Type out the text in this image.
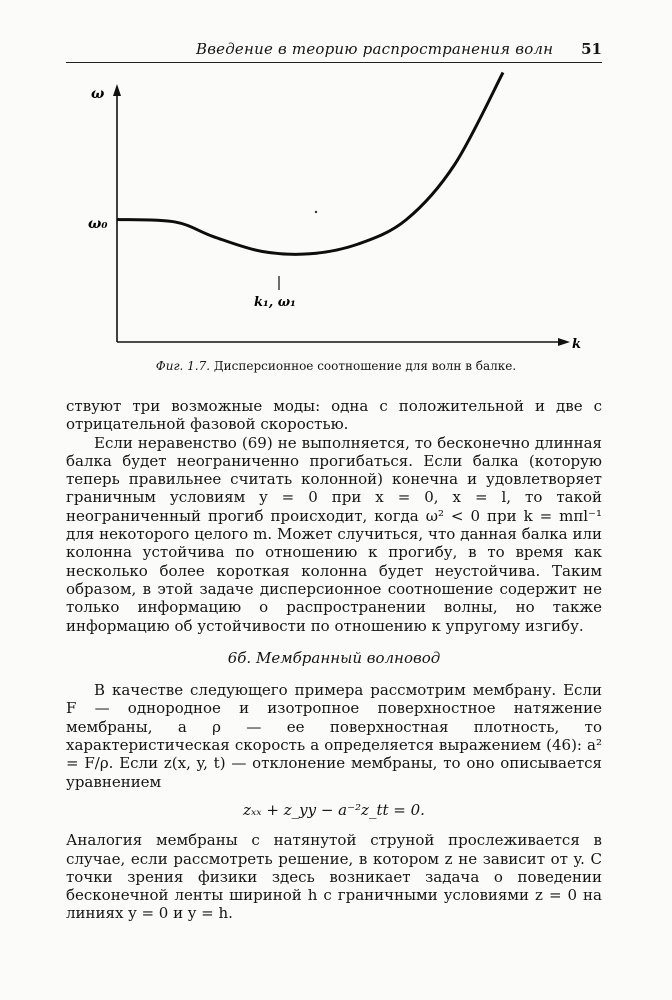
Введение в теорию распространения волн 51
ω
k
ω₀
k₁, ω₁
Фиг. 1.7. Дисперсионное соотношение для волн в балке.

ствуют три возможные моды: одна с положительной и две с отрицательной фазовой скоростью.

Если неравенство (69) не выполняется, то бесконечно длинная балка будет неограниченно прогибаться. Если балка (которую теперь правильнее считать колонной) конечна и удовлетворяет граничным условиям y = 0 при x = 0, x = l, то такой неограниченный прогиб происходит, когда ω² < 0 при k = mπl⁻¹ для некоторого целого m. Может случиться, что данная балка или колонна устойчива по отношению к прогибу, в то время как несколько более короткая колонна будет неустойчива. Таким образом, в этой задаче дисперсионное соотношение содержит не только информацию о распространении волны, но также информацию об устойчивости по отношению к упругому изгибу.

6б. Мембранный волновод

В качестве следующего примера рассмотрим мембрану. Если F — однородное и изотропное поверхностное натяжение мембраны, а ρ — ее поверхностная плотность, то характеристическая скорость a определяется выражением (46): a² = F/ρ. Если z(x, y, t) — отклонение мембраны, то оно описывается уравнением

zₓₓ + z_yy − a⁻²z_tt = 0.

Аналогия мембраны с натянутой струной прослеживается в случае, если рассмотреть решение, в котором z не зависит от y. С точки зрения физики здесь возникает задача о поведении бесконечной ленты шириной h с граничными условиями z = 0 на линиях y = 0 и y = h.
